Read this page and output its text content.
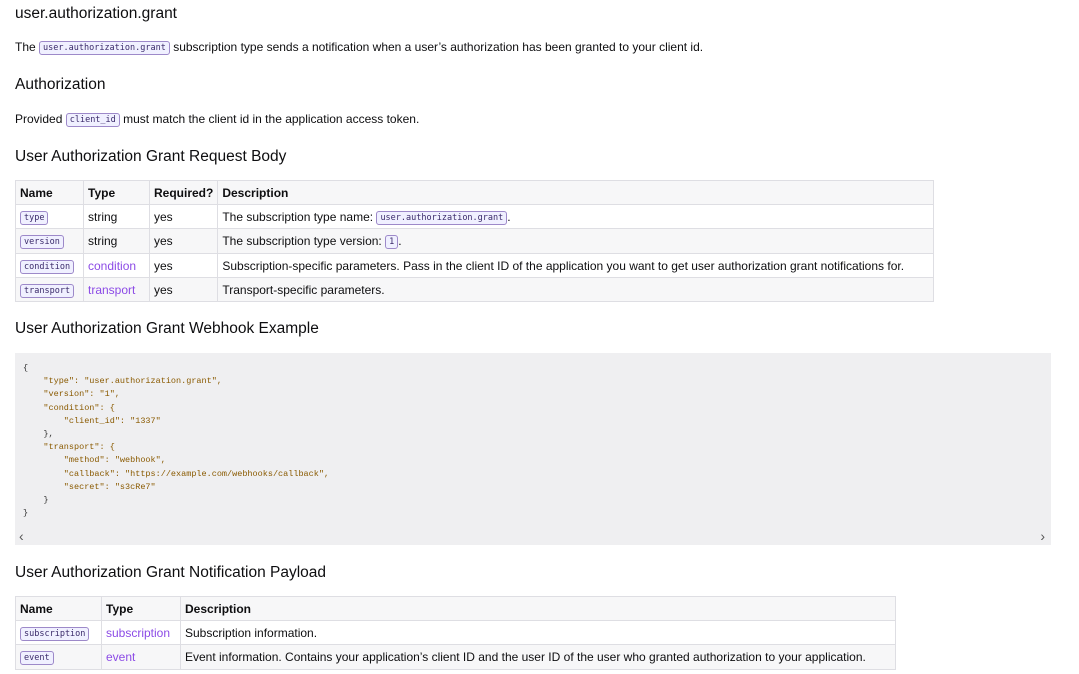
user.authorization.grant

The user.authorization.grant subscription type sends a notification when a user’s authorization has been granted to your client id.

Authorization

Provided client_id must match the client id in the application access token.

User Authorization Grant Request Body
Name	Type	Required?	Description
type	string	yes	The subscription type name: user.authorization.grant .
version	string	yes	The subscription type version: 1 .
condition	condition	yes	Subscription-specific parameters. Pass in the client ID of the application you want to get user authorization grant notifications for.
transport	transport	yes	Transport-specific parameters.
User Authorization Grant Webhook Example
{
"type": "user.authorization.grant",
"version": "1",
"condition": {
"client_id": "1337"
},
"transport": {
"method": "webhook",
"callback": "https://example.com/webhooks/callback",
"secret": "s3cRe7"
}
}
‹	›
User Authorization Grant Notification Payload
Name	Type	Description
subscription	subscription	Subscription information.
event	event	Event information. Contains your application’s client ID and the user ID of the user who granted authorization to your application.
